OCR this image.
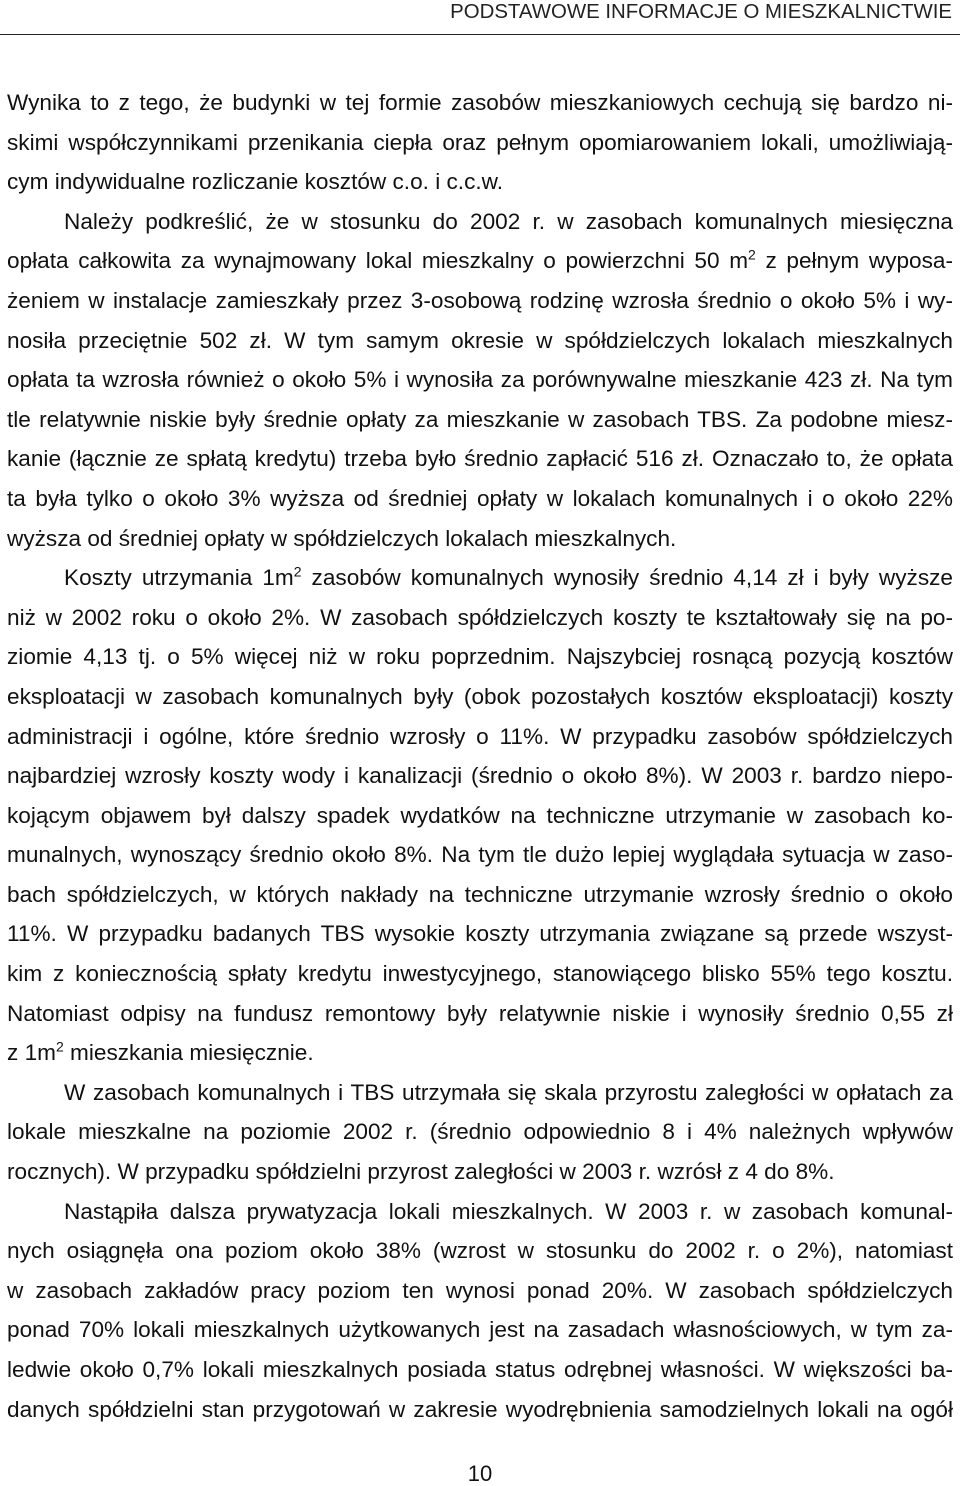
PODSTAWOWE INFORMACJE O MIESZKALNICTWIE
Wynika to z tego, że budynki w tej formie zasobów mieszkaniowych cechują się bardzo ni-
skimi współczynnikami przenikania ciepła oraz pełnym opomiarowaniem lokali, umożliwiają-
cym indywidualne rozliczanie kosztów c.o. i c.c.w.
Należy podkreślić, że w stosunku do 2002 r. w zasobach komunalnych miesięczna
opłata całkowita za wynajmowany lokal mieszkalny o powierzchni 50 $m^2$ z pełnym wyposa-
żeniem w instalacje zamieszkały przez 3-osobową rodzinę wzrosła średnio o około 5% i wy-
nosiła przeciętnie 502 zł. W tym samym okresie w spółdzielczych lokalach mieszkalnych
opłata ta wzrosła również o około 5% i wynosiła za porównywalne mieszkanie 423 zł. Na tym
tle relatywnie niskie były średnie opłaty za mieszkanie w zasobach TBS. Za podobne miesz-
kanie (łącznie ze spłatą kredytu) trzeba było średnio zapłacić 516 zł. Oznaczało to, że opłata
ta była tylko o około 3% wyższa od średniej opłaty w lokalach komunalnych i o około 22%
wyższa od średniej opłaty w spółdzielczych lokalach mieszkalnych.
Koszty utrzymania $1m^2$ zasobów komunalnych wynosiły średnio 4,14 zł i były wyższe
niż w 2002 roku o około 2%. W zasobach spółdzielczych koszty te kształtowały się na po-
ziomie 4,13 tj. o 5% więcej niż w roku poprzednim. Najszybciej rosnącą pozycją kosztów
eksploatacji w zasobach komunalnych były (obok pozostałych kosztów eksploatacji) koszty
administracji i ogólne, które średnio wzrosły o 11%. W przypadku zasobów spółdzielczych
najbardziej wzrosły koszty wody i kanalizacji (średnio o około 8%). W 2003 r. bardzo niepo-
kojącym objawem był dalszy spadek wydatków na techniczne utrzymanie w zasobach ko-
munalnych, wynoszący średnio około 8%. Na tym tle dużo lepiej wyglądała sytuacja w zaso-
bach spółdzielczych, w których nakłady na techniczne utrzymanie wzrosły średnio o około
11%. W przypadku badanych TBS wysokie koszty utrzymania związane są przede wszyst-
kim z koniecznością spłaty kredytu inwestycyjnego, stanowiącego blisko 55% tego kosztu.
Natomiast odpisy na fundusz remontowy były relatywnie niskie i wynosiły średnio 0,55 zł
z $1m^2$ mieszkania miesięcznie.
W zasobach komunalnych i TBS utrzymała się skala przyrostu zaległości w opłatach za
lokale mieszkalne na poziomie 2002 r. (średnio odpowiednio 8 i 4% należnych wpływów
rocznych). W przypadku spółdzielni przyrost zaległości w 2003 r. wzrósł z 4 do 8%.
Nastąpiła dalsza prywatyzacja lokali mieszkalnych. W 2003 r. w zasobach komunal-
nych osiągnęła ona poziom około 38% (wzrost w stosunku do 2002 r. o 2%), natomiast
w zasobach zakładów pracy poziom ten wynosi ponad 20%. W zasobach spółdzielczych
ponad 70% lokali mieszkalnych użytkowanych jest na zasadach własnościowych, w tym za-
ledwie około 0,7% lokali mieszkalnych posiada status odrębnej własności. W większości ba-
danych spółdzielni stan przygotowań w zakresie wyodrębnienia samodzielnych lokali na ogół
10
